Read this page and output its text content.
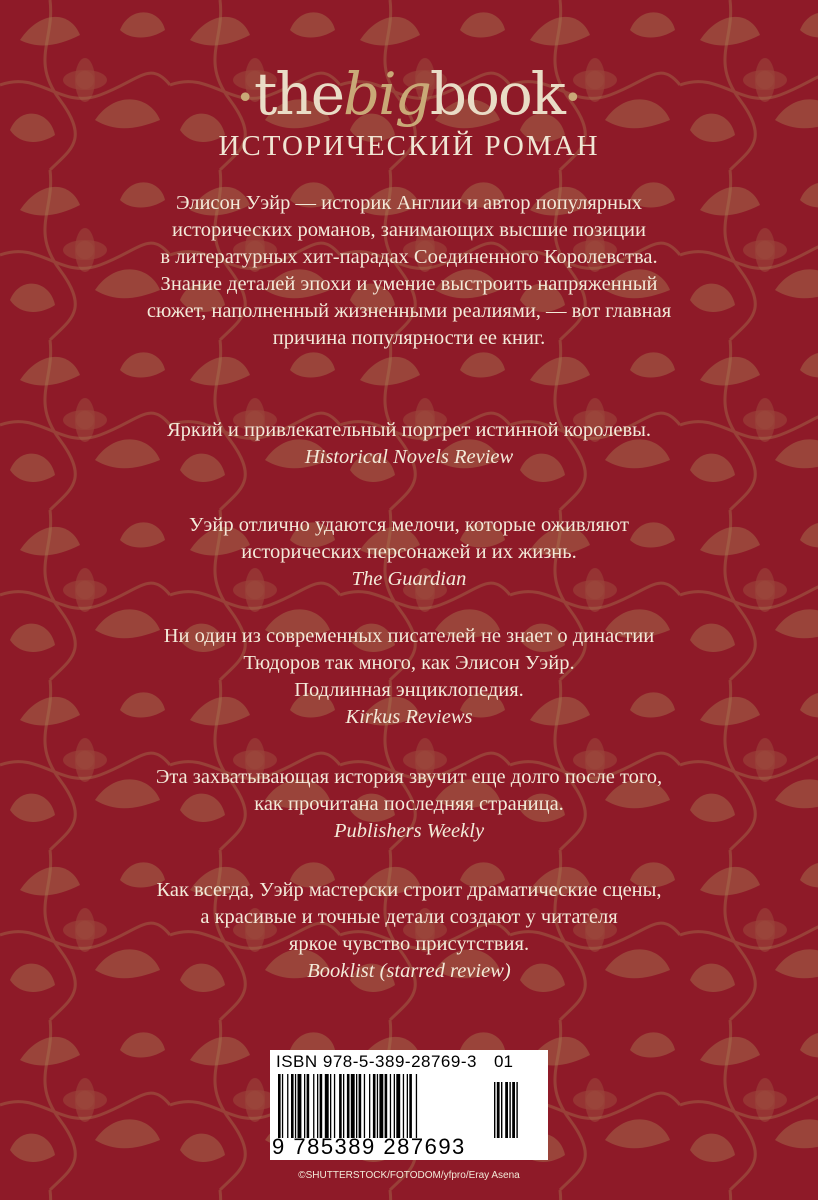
•thebigbook•
ИСТОРИЧЕСКИЙ РОМАН

Элисон Уэйр — историк Англии и автор популярных
исторических романов, занимающих высшие позиции
в литературных хит-парадах Соединенного Королевства.
Знание деталей эпохи и умение выстроить напряженный
сюжет, наполненный жизненными реалиями, — вот главная
причина популярности ее книг.

Яркий и привлекательный портрет истинной королевы.

Historical Novels Review

Уэйр отлично удаются мелочи, которые оживляют

исторических персонажей и их жизнь.

The Guardian

Ни один из современных писателей не знает о династии

Тюдоров так много, как Элисон Уэйр.

Подлинная энциклопедия.

Kirkus Reviews

Эта захватывающая история звучит еще долго после того,

как прочитана последняя страница.

Publishers Weekly

Как всегда, Уэйр мастерски строит драматические сцены,

а красивые и точные детали создают у читателя

яркое чувство присутствия.

Booklist (starred review)

ISBN 978-5-389-28769-3 01
9 785389 287693
©SHUTTERSTOCK/FOTODOM/yfpro/Eray Asena
